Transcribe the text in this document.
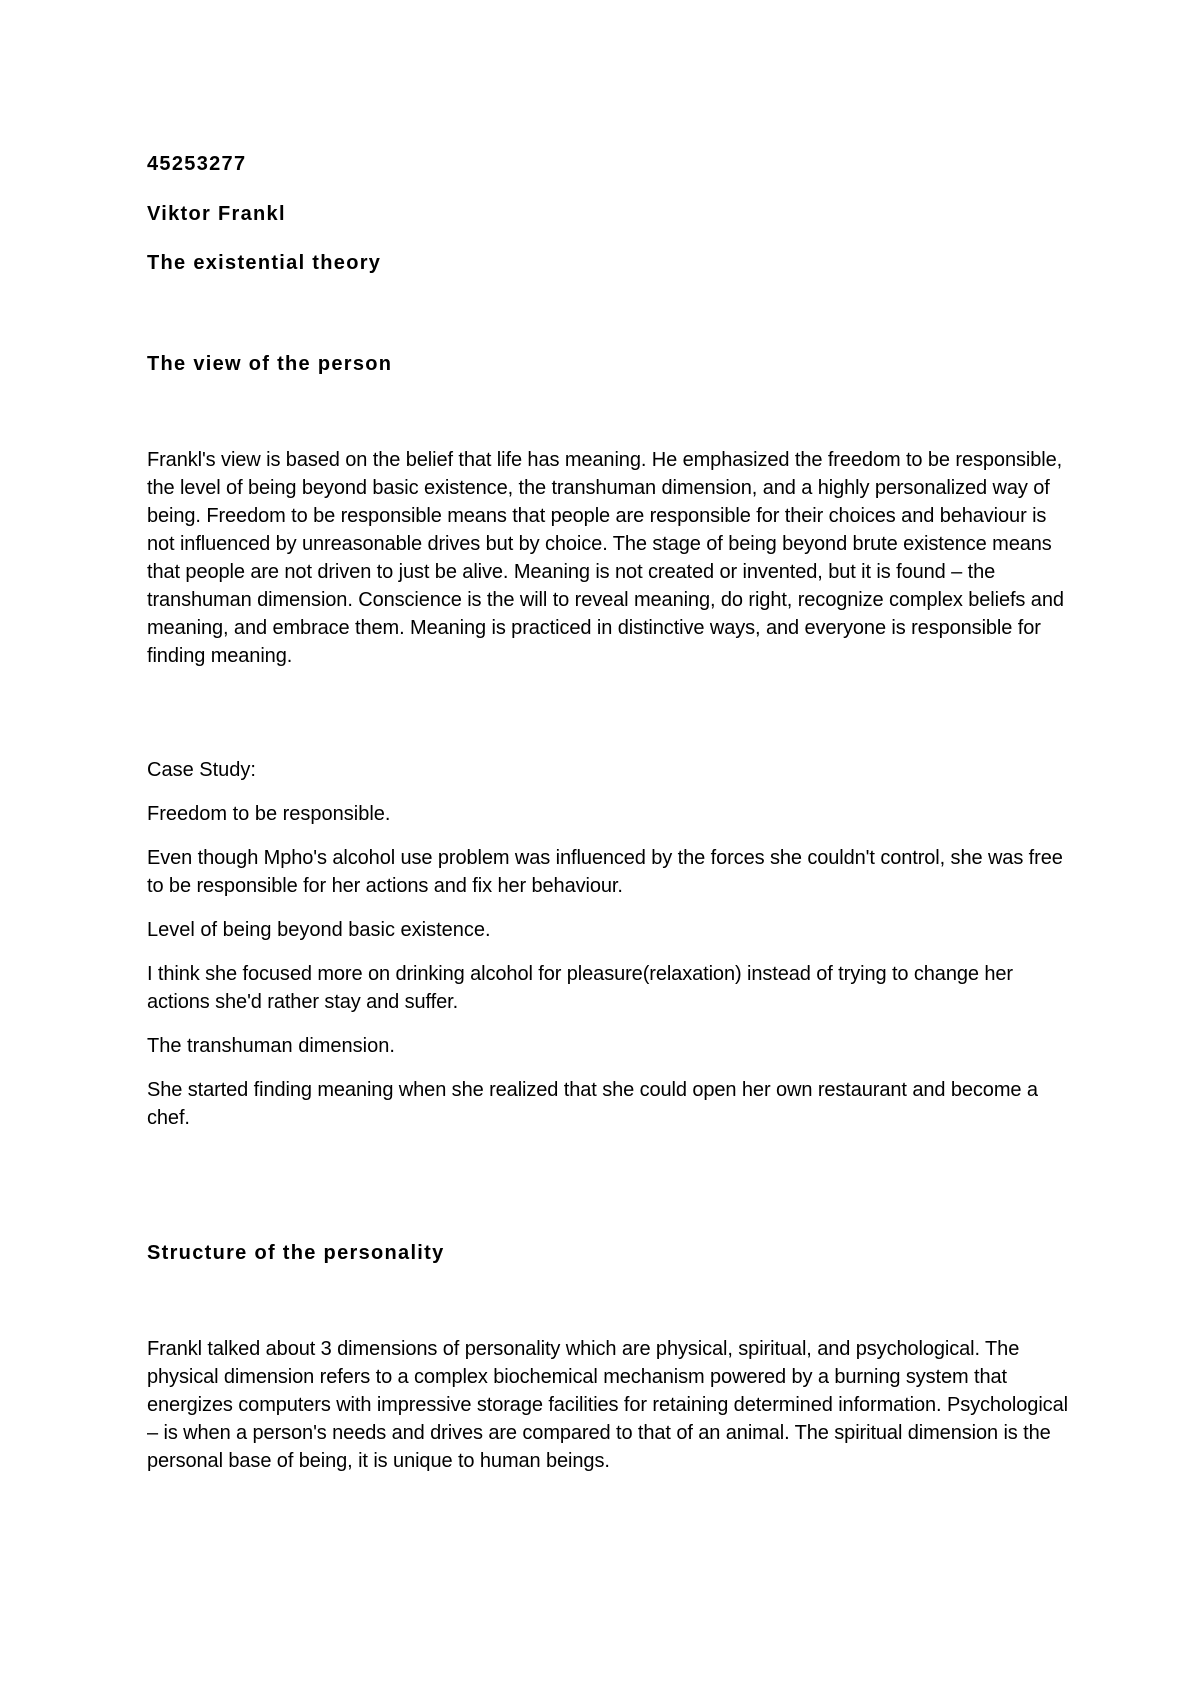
45253277

Viktor Frankl

The existential theory

The view of the person

Frankl's view is based on the belief that life has meaning. He emphasized the freedom to be responsible, the level of being beyond basic existence, the transhuman dimension, and a highly personalized way of being. Freedom to be responsible means that people are responsible for their choices and behaviour is not influenced by unreasonable drives but by choice. The stage of being beyond brute existence means that people are not driven to just be alive. Meaning is not created or invented, but it is found – the transhuman dimension. Conscience is the will to reveal meaning, do right, recognize complex beliefs and meaning, and embrace them. Meaning is practiced in distinctive ways, and everyone is responsible for finding meaning.

Case Study:

Freedom to be responsible.

Even though Mpho's alcohol use problem was influenced by the forces she couldn't control, she was free to be responsible for her actions and fix her behaviour.

Level of being beyond basic existence.

I think she focused more on drinking alcohol for pleasure(relaxation) instead of trying to change her actions she'd rather stay and suffer.

The transhuman dimension.

She started finding meaning when she realized that she could open her own restaurant and become a chef.

Structure of the personality

Frankl talked about 3 dimensions of personality which are physical, spiritual, and psychological. The physical dimension refers to a complex biochemical mechanism powered by a burning system that energizes computers with impressive storage facilities for retaining determined information. Psychological – is when a person's needs and drives are compared to that of an animal. The spiritual dimension is the personal base of being, it is unique to human beings.
